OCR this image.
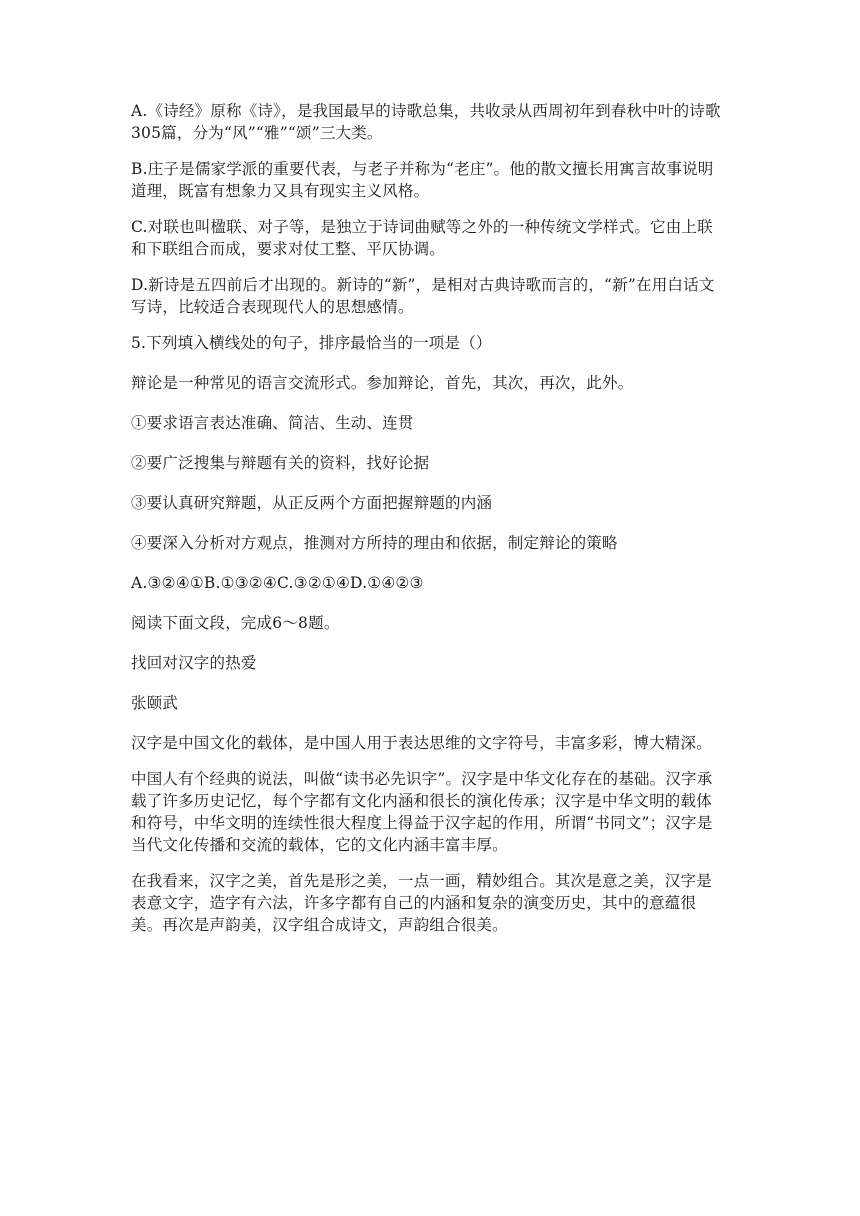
A.《诗经》原称《诗》，是我国最早的诗歌总集，共收录从西周初年到春秋中叶的诗歌305篇，分为“风”“雅”“颂”三大类。

B.庄子是儒家学派的重要代表，与老子并称为“老庄”。他的散文擅长用寓言故事说明道理，既富有想象力又具有现实主义风格。

C.对联也叫楹联、对子等，是独立于诗词曲赋等之外的一种传统文学样式。它由上联和下联组合而成，要求对仗工整、平仄协调。

D.新诗是五四前后才出现的。新诗的“新”，是相对古典诗歌而言的，“新”在用白话文写诗，比较适合表现现代人的思想感情。

5.下列填入横线处的句子，排序最恰当的一项是（）

辩论是一种常见的语言交流形式。参加辩论，首先，其次，再次，此外。

①要求语言表达准确、简洁、生动、连贯

②要广泛搜集与辩题有关的资料，找好论据

③要认真研究辩题，从正反两个方面把握辩题的内涵

④要深入分析对方观点，推测对方所持的理由和依据，制定辩论的策略

A.③②④①B.①③②④C.③②①④D.①④②③

阅读下面文段，完成6～8题。

找回对汉字的热爱

张颐武

汉字是中国文化的载体，是中国人用于表达思维的文字符号，丰富多彩，博大精深。

中国人有个经典的说法，叫做“读书必先识字”。汉字是中华文化存在的基础。汉字承载了许多历史记忆，每个字都有文化内涵和很长的演化传承；汉字是中华文明的载体和符号，中华文明的连续性很大程度上得益于汉字起的作用，所谓“书同文”；汉字是当代文化传播和交流的载体，它的文化内涵丰富丰厚。

在我看来，汉字之美，首先是形之美，一点一画，精妙组合。其次是意之美，汉字是表意文字，造字有六法，许多字都有自己的内涵和复杂的演变历史，其中的意蕴很美。再次是声韵美，汉字组合成诗文，声韵组合很美。
